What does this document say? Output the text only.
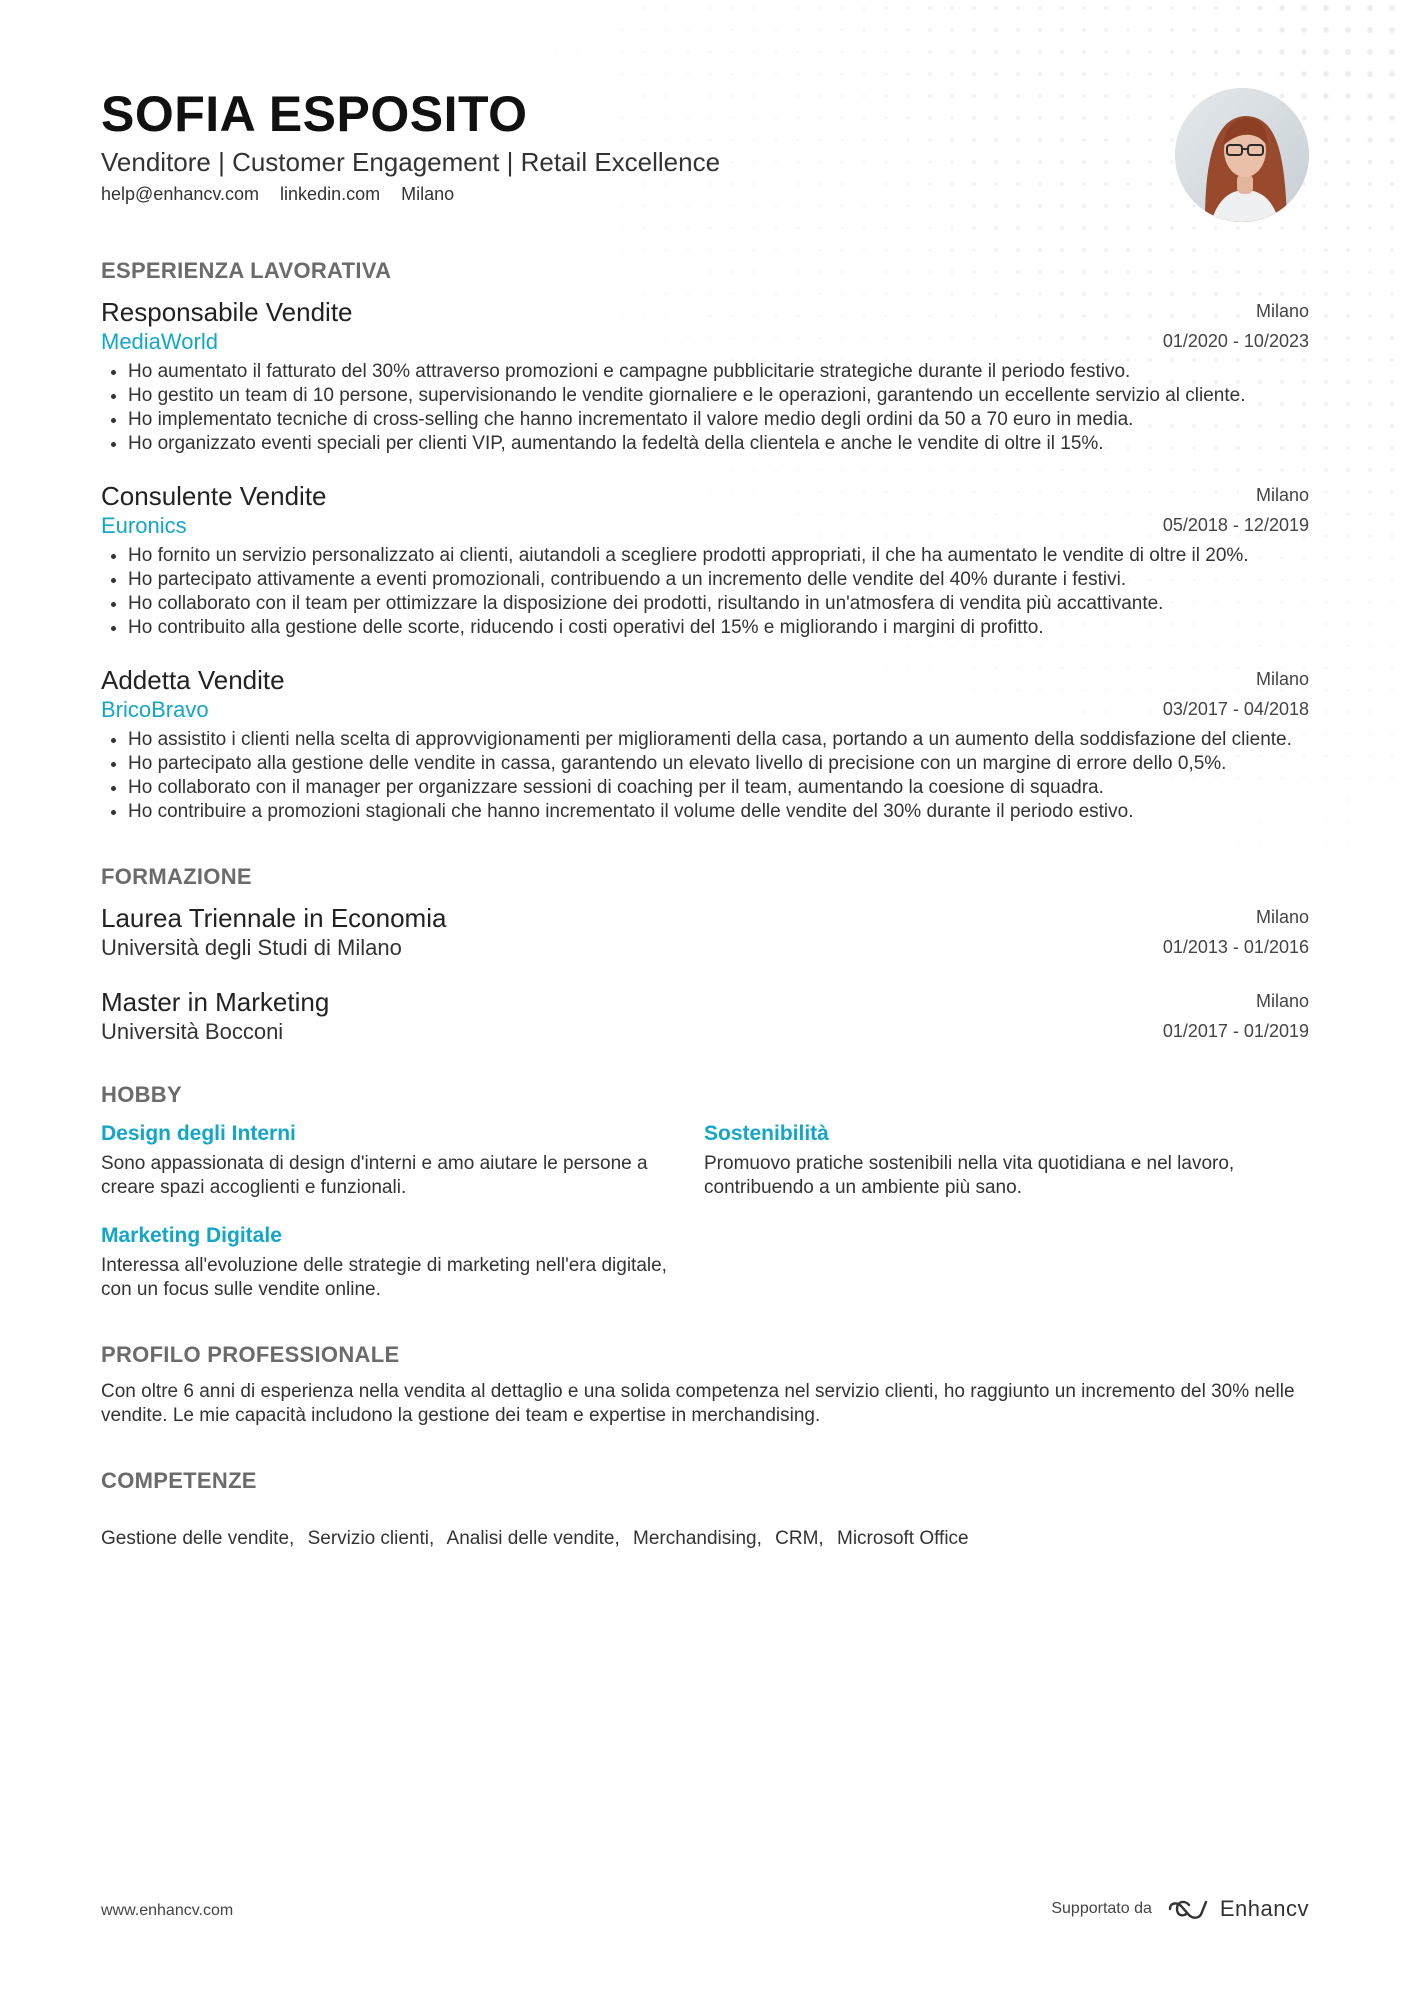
SOFIA ESPOSITO
Venditore | Customer Engagement | Retail Excellence
help@enhancv.com linkedin.com Milano
ESPERIENZA LAVORATIVA
Responsabile Vendite
MediaWorld
Milano
01/2020 - 10/2023
• Ho aumentato il fatturato del 30% attraverso promozioni e campagne pubblicitarie strategiche durante il periodo festivo.
• Ho gestito un team di 10 persone, supervisionando le vendite giornaliere e le operazioni, garantendo un eccellente servizio al cliente.
• Ho implementato tecniche di cross-selling che hanno incrementato il valore medio degli ordini da 50 a 70 euro in media.
• Ho organizzato eventi speciali per clienti VIP, aumentando la fedeltà della clientela e anche le vendite di oltre il 15%.
Consulente Vendite
Euronics
Milano
05/2018 - 12/2019
• Ho fornito un servizio personalizzato ai clienti, aiutandoli a scegliere prodotti appropriati, il che ha aumentato le vendite di oltre il 20%.
• Ho partecipato attivamente a eventi promozionali, contribuendo a un incremento delle vendite del 40% durante i festivi.
• Ho collaborato con il team per ottimizzare la disposizione dei prodotti, risultando in un'atmosfera di vendita più accattivante.
• Ho contribuito alla gestione delle scorte, riducendo i costi operativi del 15% e migliorando i margini di profitto.
Addetta Vendite
BricoBravo
Milano
03/2017 - 04/2018
• Ho assistito i clienti nella scelta di approvvigionamenti per miglioramenti della casa, portando a un aumento della soddisfazione del cliente.
• Ho partecipato alla gestione delle vendite in cassa, garantendo un elevato livello di precisione con un margine di errore dello 0,5%.
• Ho collaborato con il manager per organizzare sessioni di coaching per il team, aumentando la coesione di squadra.
• Ho contribuire a promozioni stagionali che hanno incrementato il volume delle vendite del 30% durante il periodo estivo.
FORMAZIONE
Laurea Triennale in Economia
Università degli Studi di Milano
Milano
01/2013 - 01/2016
Master in Marketing
Università Bocconi
Milano
01/2017 - 01/2019
HOBBY
Design degli Interni
Sono appassionata di design d'interni e amo aiutare le persone a creare spazi accoglienti e funzionali.
Sostenibilità
Promuovo pratiche sostenibili nella vita quotidiana e nel lavoro, contribuendo a un ambiente più sano.
Marketing Digitale
Interessa all'evoluzione delle strategie di marketing nell'era digitale, con un focus sulle vendite online.
PROFILO PROFESSIONALE
Con oltre 6 anni di esperienza nella vendita al dettaglio e una solida competenza nel servizio clienti, ho raggiunto un incremento del 30% nelle vendite. Le mie capacità includono la gestione dei team e expertise in merchandising.
COMPETENZE
Gestione delle vendite, Servizio clienti, Analisi delle vendite, Merchandising, CRM, Microsoft Office
www.enhancv.com	Supportato da	Enhancv
